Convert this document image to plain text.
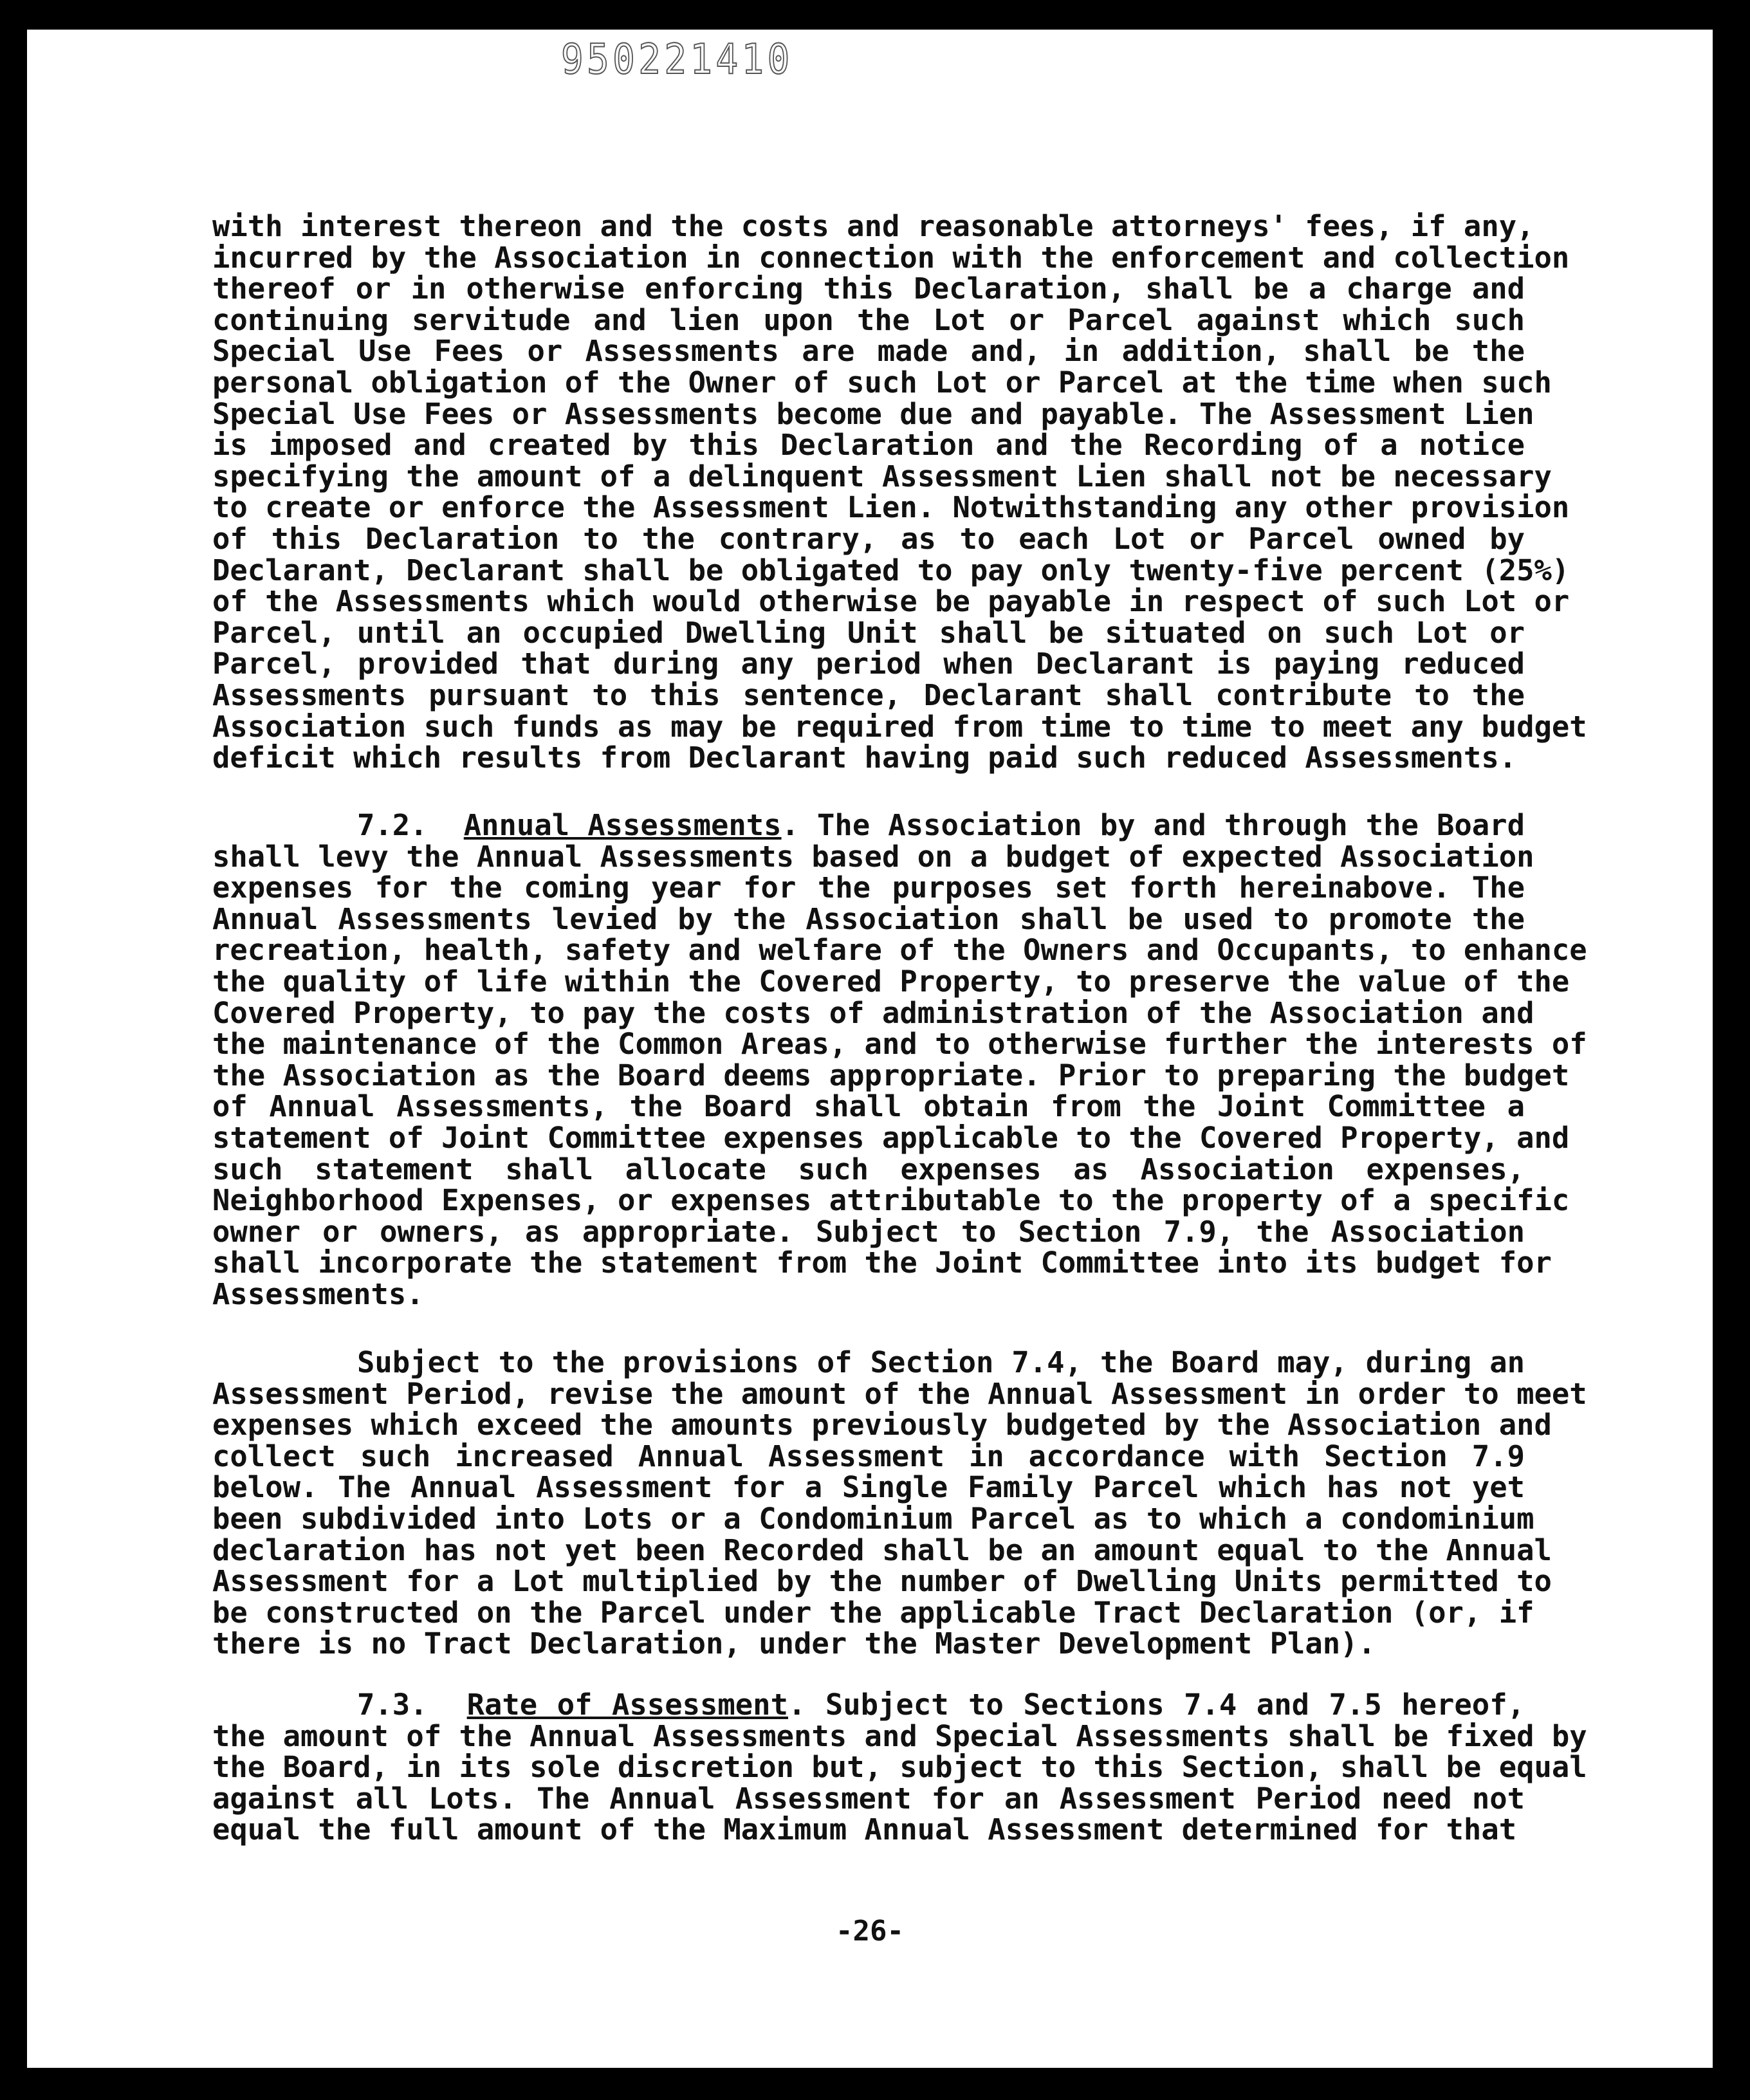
950221410
with interest thereon and the costs and reasonable attorneys' fees, if any,
incurred by the Association in connection with the enforcement and collection
thereof or in otherwise enforcing this Declaration, shall be a charge and
continuing servitude and lien upon the Lot or Parcel against which such
Special Use Fees or Assessments are made and, in addition, shall be the
personal obligation of the Owner of such Lot or Parcel at the time when such
Special Use Fees or Assessments become due and payable. The Assessment Lien
is imposed and created by this Declaration and the Recording of a notice
specifying the amount of a delinquent Assessment Lien shall not be necessary
to create or enforce the Assessment Lien. Notwithstanding any other provision
of this Declaration to the contrary, as to each Lot or Parcel owned by
Declarant, Declarant shall be obligated to pay only twenty-five percent (25%)
of the Assessments which would otherwise be payable in respect of such Lot or
Parcel, until an occupied Dwelling Unit shall be situated on such Lot or
Parcel, provided that during any period when Declarant is paying reduced
Assessments pursuant to this sentence, Declarant shall contribute to the
Association such funds as may be required from time to time to meet any budget
deficit which results from Declarant having paid such reduced Assessments.
7.2. Annual Assessments. The Association by and through the Board
shall levy the Annual Assessments based on a budget of expected Association
expenses for the coming year for the purposes set forth hereinabove. The
Annual Assessments levied by the Association shall be used to promote the
recreation, health, safety and welfare of the Owners and Occupants, to enhance
the quality of life within the Covered Property, to preserve the value of the
Covered Property, to pay the costs of administration of the Association and
the maintenance of the Common Areas, and to otherwise further the interests of
the Association as the Board deems appropriate. Prior to preparing the budget
of Annual Assessments, the Board shall obtain from the Joint Committee a
statement of Joint Committee expenses applicable to the Covered Property, and
such statement shall allocate such expenses as Association expenses,
Neighborhood Expenses, or expenses attributable to the property of a specific
owner or owners, as appropriate. Subject to Section 7.9, the Association
shall incorporate the statement from the Joint Committee into its budget for
Assessments.
Subject to the provisions of Section 7.4, the Board may, during an
Assessment Period, revise the amount of the Annual Assessment in order to meet
expenses which exceed the amounts previously budgeted by the Association and
collect such increased Annual Assessment in accordance with Section 7.9
below. The Annual Assessment for a Single Family Parcel which has not yet
been subdivided into Lots or a Condominium Parcel as to which a condominium
declaration has not yet been Recorded shall be an amount equal to the Annual
Assessment for a Lot multiplied by the number of Dwelling Units permitted to
be constructed on the Parcel under the applicable Tract Declaration (or, if
there is no Tract Declaration, under the Master Development Plan).
7.3. Rate of Assessment. Subject to Sections 7.4 and 7.5 hereof,
the amount of the Annual Assessments and Special Assessments shall be fixed by
the Board, in its sole discretion but, subject to this Section, shall be equal
against all Lots. The Annual Assessment for an Assessment Period need not
equal the full amount of the Maximum Annual Assessment determined for that
-26-
